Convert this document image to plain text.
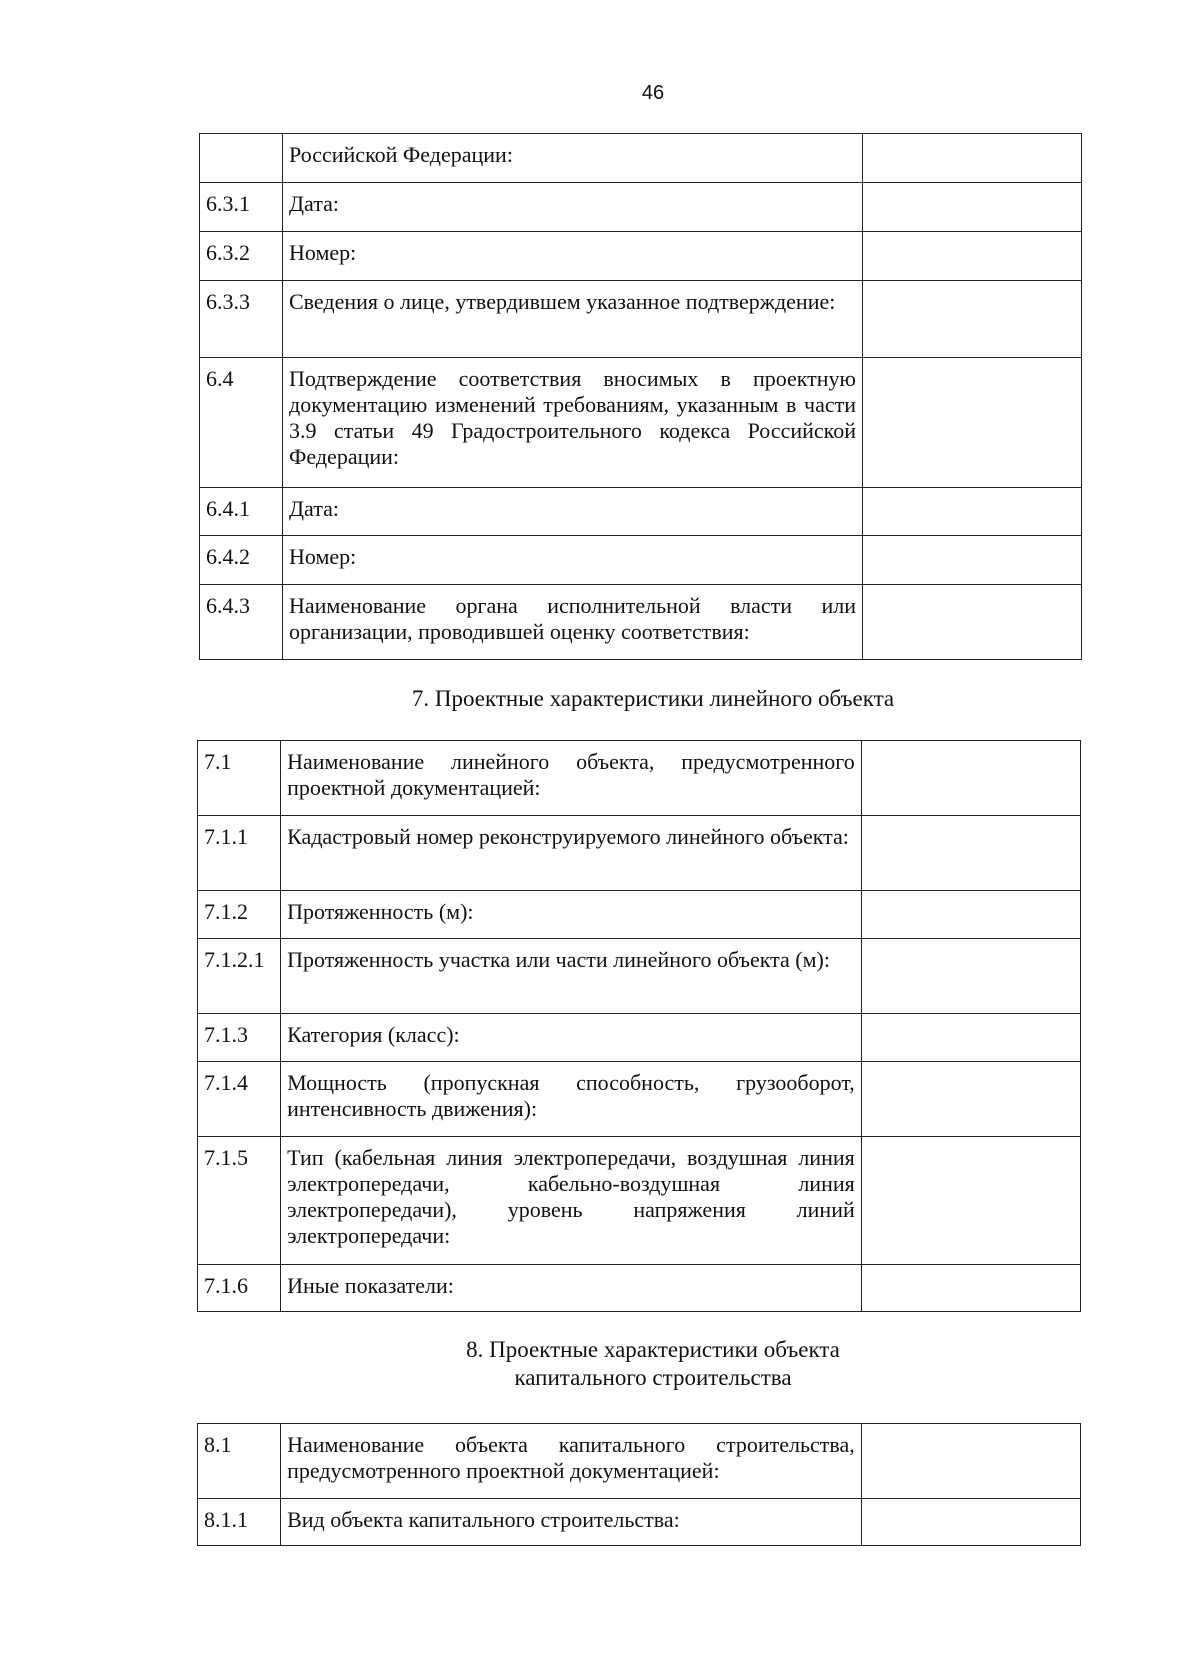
46
	Российской Федерации:	
6.3.1	Дата:	
6.3.2	Номер:	
6.3.3	Сведения о лице, утвердившем указанное подтверждение:	
6.4	Подтверждение соответствия вносимых в проектную документацию изменений требованиям, указанным в части 3.9 статьи 49 Градостроительного кодекса Российской Федерации:	
6.4.1	Дата:	
6.4.2	Номер:	
6.4.3	Наименование органа исполнительной власти или организации, проводившей оценку соответствия:	
7. Проектные характеристики линейного объекта
7.1	Наименование линейного объекта, предусмотренного проектной документацией:	
7.1.1	Кадастровый номер реконструируемого линейного объекта:	
7.1.2	Протяженность (м):	
7.1.2.1	Протяженность участка или части линейного объекта (м):	
7.1.3	Категория (класс):	
7.1.4	Мощность (пропускная способность, грузооборот, интенсивность движения):	
7.1.5	Тип (кабельная линия электропередачи, воздушная линия электропередачи, кабельно-воздушная линия электропередачи), уровень напряжения линий электропередачи:	
7.1.6	Иные показатели:	
8. Проектные характеристики объекта
капитального строительства
8.1	Наименование объекта капитального строительства, предусмотренного проектной документацией:	
8.1.1	Вид объекта капитального строительства:	
